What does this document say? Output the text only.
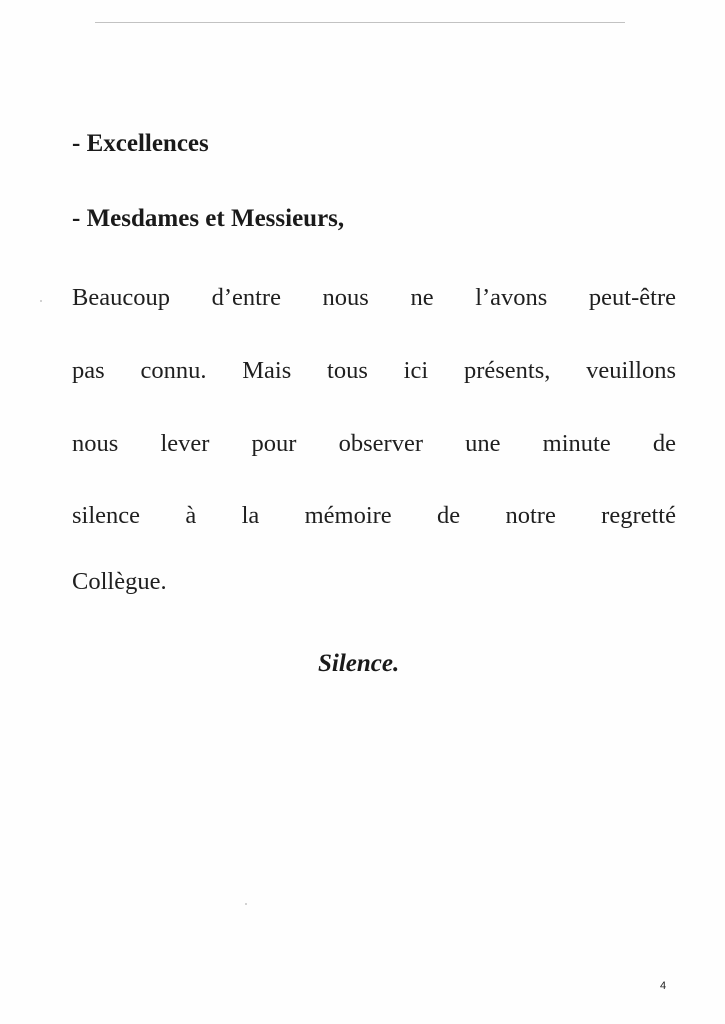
- Excellences
- Mesdames et Messieurs,
Beaucoup d’entre nous ne l’avons peut-être
pas connu. Mais tous ici présents, veuillons
nous lever pour observer une minute de
silence à la mémoire de notre regretté
Collègue.
Silence.
4
